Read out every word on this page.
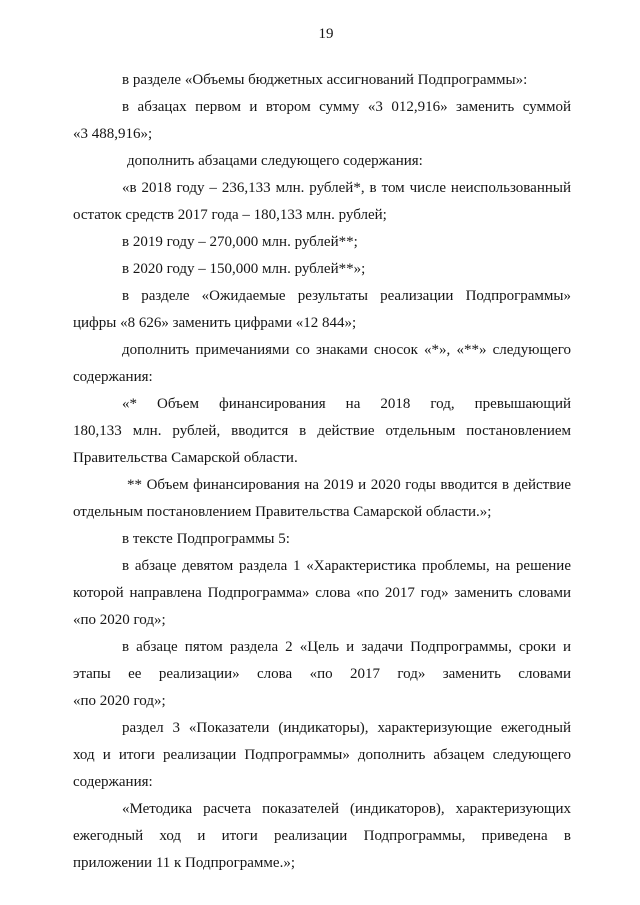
19
в разделе «Объемы бюджетных ассигнований Подпрограммы»:
в абзацах первом и втором сумму «3 012,916» заменить суммой
«3 488,916»;
дополнить абзацами следующего содержания:
«в 2018 году – 236,133 млн. рублей*, в том числе неиспользованный
остаток средств 2017 года – 180,133 млн. рублей;
в 2019 году – 270,000 млн. рублей**;
в 2020 году – 150,000 млн. рублей**»;
в разделе «Ожидаемые результаты реализации Подпрограммы»
цифры «8 626» заменить цифрами «12 844»;
дополнить примечаниями со знаками сносок «*», «**» следующего
содержания:
«* Объем финансирования на 2018 год, превышающий
180,133 млн. рублей, вводится в действие отдельным постановлением
Правительства Самарской области.
** Объем финансирования на 2019 и 2020 годы вводится в действие
отдельным постановлением Правительства Самарской области.»;
в тексте Подпрограммы 5:
в абзаце девятом раздела 1 «Характеристика проблемы, на решение
которой направлена Подпрограмма» слова «по 2017 год» заменить словами
«по 2020 год»;
в абзаце пятом раздела 2 «Цель и задачи Подпрограммы, сроки и
этапы ее реализации» слова «по 2017 год» заменить словами
«по 2020 год»;
раздел 3 «Показатели (индикаторы), характеризующие ежегодный
ход и итоги реализации Подпрограммы» дополнить абзацем следующего
содержания:
«Методика расчета показателей (индикаторов), характеризующих
ежегодный ход и итоги реализации Подпрограммы, приведена в
приложении 11 к Подпрограмме.»;
